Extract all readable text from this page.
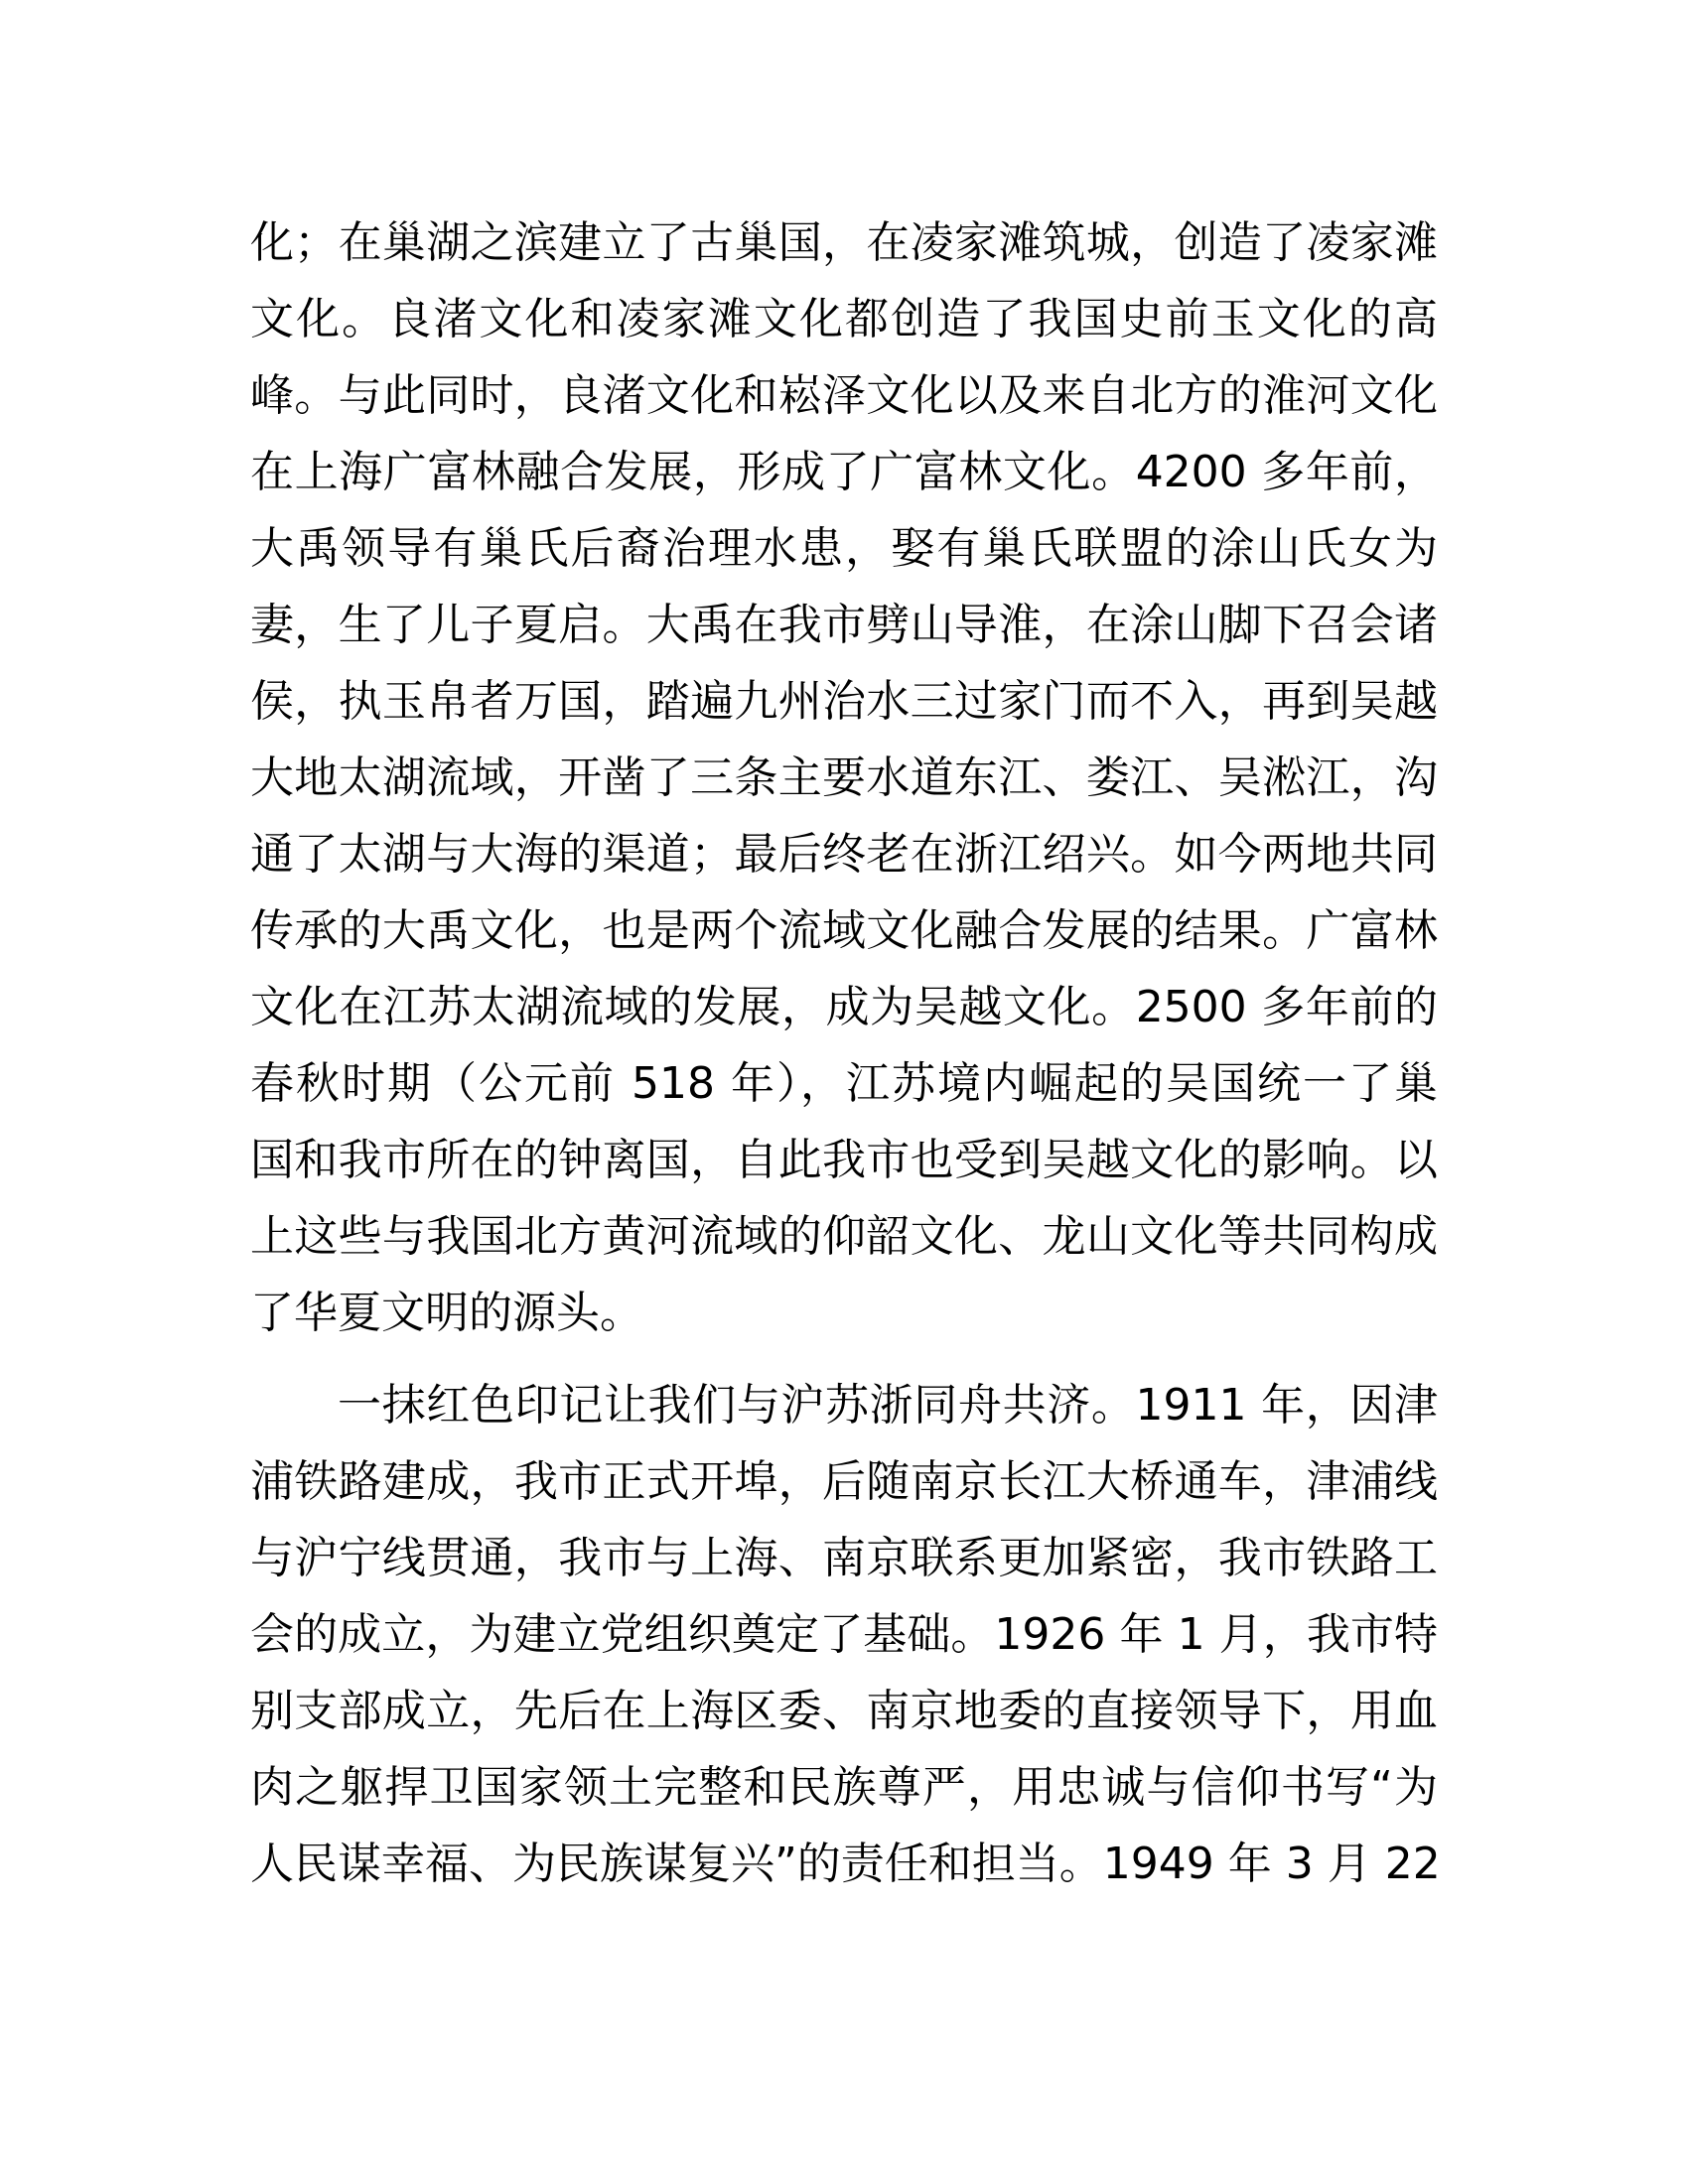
化；在巢湖之滨建立了古巢国，在凌家滩筑城，创造了凌家滩
文化。良渚文化和凌家滩文化都创造了我国史前玉文化的高
峰。与此同时，良渚文化和崧泽文化以及来自北方的淮河文化
在上海广富林融合发展，形成了广富林文化。4200 多年前，
大禹领导有巢氏后裔治理水患，娶有巢氏联盟的涂山氏女为
妻，生了儿子夏启。大禹在我市劈山导淮，在涂山脚下召会诸
侯，执玉帛者万国，踏遍九州治水三过家门而不入，再到吴越
大地太湖流域，开凿了三条主要水道东江、娄江、吴淞江，沟
通了太湖与大海的渠道；最后终老在浙江绍兴。如今两地共同
传承的大禹文化，也是两个流域文化融合发展的结果。广富林
文化在江苏太湖流域的发展，成为吴越文化。2500 多年前的
春秋时期（公元前 518 年），江苏境内崛起的吴国统一了巢
国和我市所在的钟离国，自此我市也受到吴越文化的影响。以
上这些与我国北方黄河流域的仰韶文化、龙山文化等共同构成
了华夏文明的源头。

一抹红色印记让我们与沪苏浙同舟共济。1911 年，因津
浦铁路建成，我市正式开埠，后随南京长江大桥通车，津浦线
与沪宁线贯通，我市与上海、南京联系更加紧密，我市铁路工
会的成立，为建立党组织奠定了基础。1926 年 1 月，我市特
别支部成立，先后在上海区委、南京地委的直接领导下，用血
肉之躯捍卫国家领土完整和民族尊严，用忠诚与信仰书写“为
人民谋幸福、为民族谋复兴”的责任和担当。1949 年 3 月 22
